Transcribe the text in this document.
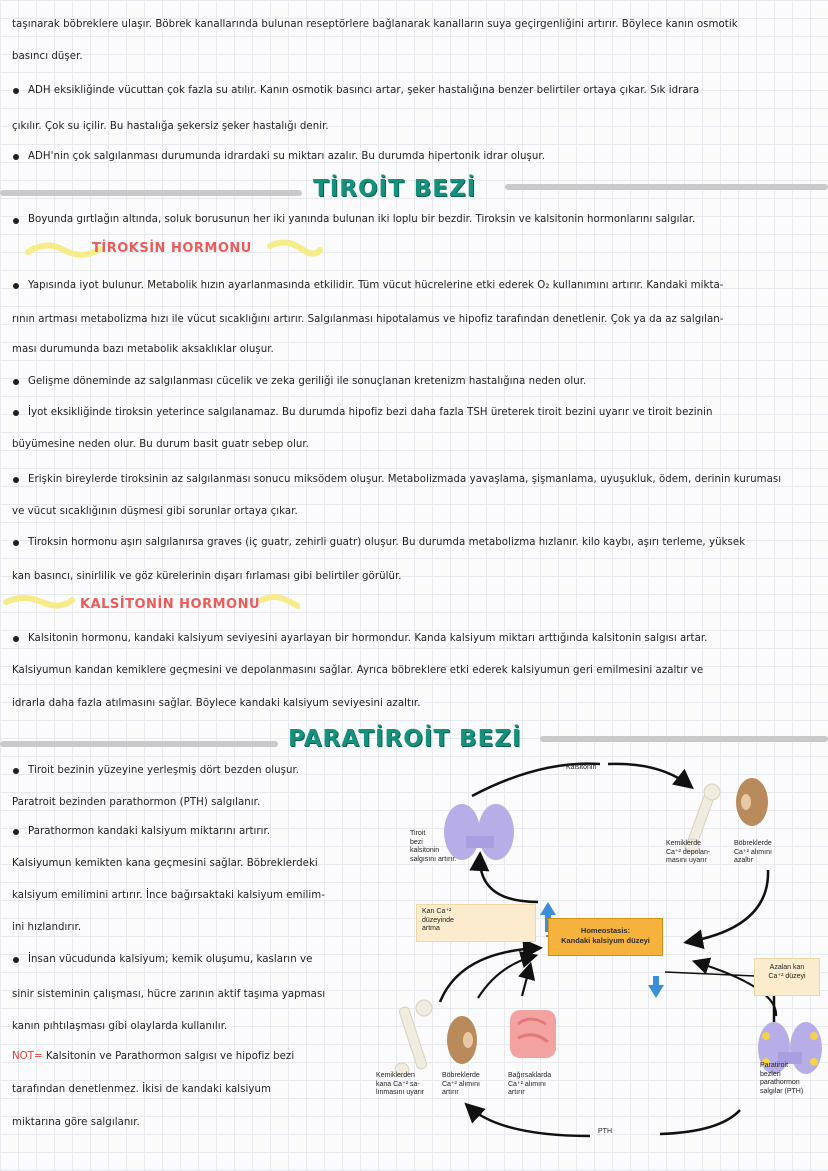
taşınarak böbreklere ulaşır. Böbrek kanallarında bulunan reseptörlere bağlanarak kanalların suya geçirgenliğini artırır. Böylece kanın osmotik
basıncı düşer.
ADH eksikliğinde vücuttan çok fazla su atılır. Kanın osmotik basıncı artar, şeker hastalığına benzer belirtiler ortaya çıkar. Sık idrara
çıkılır. Çok su içilir. Bu hastalığa şekersiz şeker hastalığı denir.
ADH'nin çok salgılanması durumunda idrardaki su miktarı azalır. Bu durumda hipertonik idrar oluşur.
TİROİT BEZİ
Boyunda gırtlağın altında, soluk borusunun her iki yanında bulunan iki loplu bir bezdir. Tiroksin ve kalsitonin hormonlarını salgılar.
TİROKSİN HORMONU
Yapısında iyot bulunur. Metabolik hızın ayarlanmasında etkilidir. Tüm vücut hücrelerine etki ederek O₂ kullanımını artırır. Kandaki mikta-
rının artması metabolizma hızı ile vücut sıcaklığını artırır. Salgılanması hipotalamus ve hipofiz tarafından denetlenir. Çok ya da az salgılan-
ması durumunda bazı metabolik aksaklıklar oluşur.
Gelişme döneminde az salgılanması cücelik ve zeka geriliği ile sonuçlanan kretenizm hastalığına neden olur.
İyot eksikliğinde tiroksin yeterince salgılanamaz. Bu durumda hipofiz bezi daha fazla TSH üreterek tiroit bezini uyarır ve tiroit bezinin
büyümesine neden olur. Bu durum basit guatr sebep olur.
Erişkin bireylerde tiroksinin az salgılanması sonucu miksödem oluşur. Metabolizmada yavaşlama, şişmanlama, uyuşukluk, ödem, derinin kuruması
ve vücut sıcaklığının düşmesi gibi sorunlar ortaya çıkar.
Tiroksin hormonu aşırı salgılanırsa graves (iç guatr, zehirli guatr) oluşur. Bu durumda metabolizma hızlanır. kilo kaybı, aşırı terleme, yüksek
kan basıncı, sinirlilik ve göz kürelerinin dışarı fırlaması gibi belirtiler görülür.
KALSİTONİN HORMONU
Kalsitonin hormonu, kandaki kalsiyum seviyesini ayarlayan bir hormondur. Kanda kalsiyum miktarı arttığında kalsitonin salgısı artar.
Kalsiyumun kandan kemiklere geçmesini ve depolanmasını sağlar. Ayrıca böbreklere etki ederek kalsiyumun geri emilmesini azaltır ve
idrarla daha fazla atılmasını sağlar. Böylece kandaki kalsiyum seviyesini azaltır.
PARATİROİT BEZİ
Tiroit bezinin yüzeyine yerleşmiş dört bezden oluşur.
Paratroit bezinden parathormon (PTH) salgılanır.
Parathormon kandaki kalsiyum miktarını artırır.
Kalsiyumun kemikten kana geçmesini sağlar. Böbreklerdeki
kalsiyum emilimini artırır. İnce bağırsaktaki kalsiyum emilim-
ini hızlandırır.
İnsan vücudunda kalsiyum; kemik oluşumu, kasların ve
sinir sisteminin çalışması, hücre zarının aktif taşıma yapması
kanın pıhtılaşması gibi olaylarda kullanılır.
NOT= Kalsitonin ve Parathormon salgısı ve hipofiz bezi
tarafından denetlenmez. İkisi de kandaki kalsiyum
miktarına göre salgılanır.
Kalsitonin
Tiroit
bezi
kalsitonin
salgısını artırır.
Kemiklerde
Ca⁺² depolan-
masını uyarır
Böbreklerde
Ca⁺² alımını
azaltır
Kan Ca⁺²
düzeyinde
artma	Homeostasis:
Kandaki kalsiyum düzeyi
Azalan kan
Ca⁺² düzeyi
Kemiklerden
kana Ca⁺² sa-
lınmasını uyarır
Böbreklerde
Ca⁺² alımını
artırır
Bağırsaklarda
Ca⁺² alımını
artırır
Paratiroit
bezleri
parathormon
salgılar (PTH)
PTH
